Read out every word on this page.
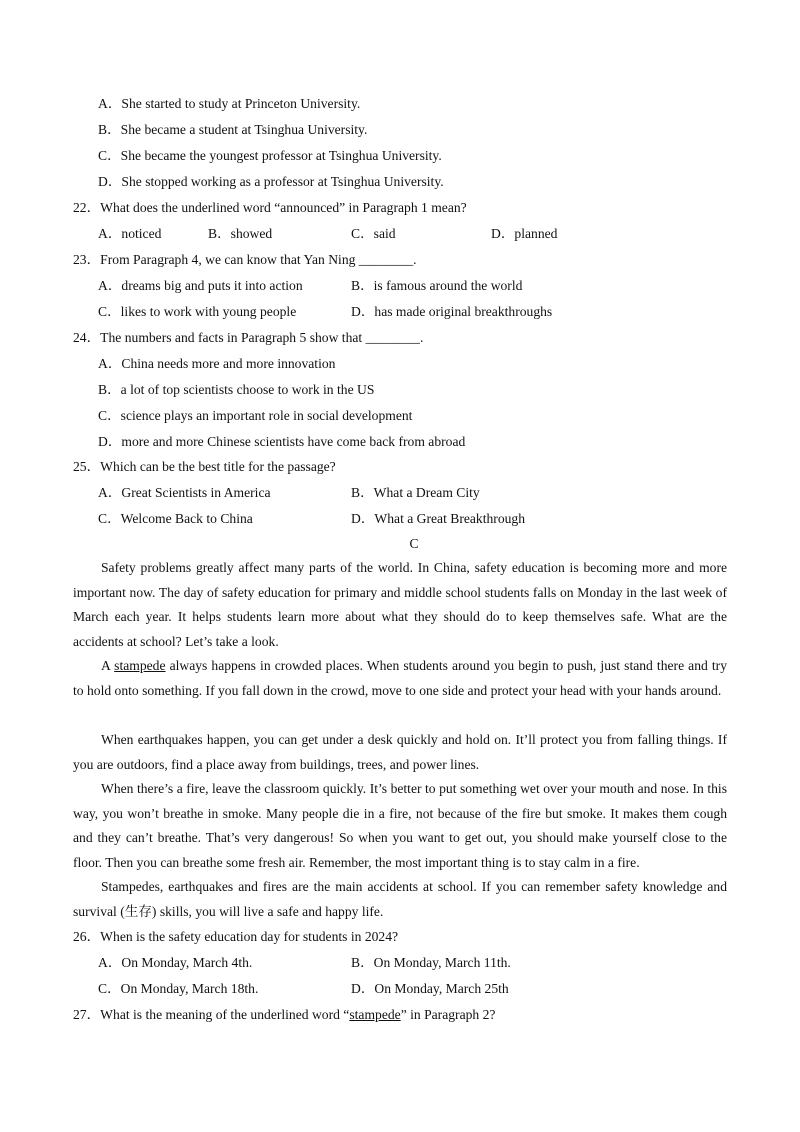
A．She started to study at Princeton University.
B．She became a student at Tsinghua University.
C．She became the youngest professor at Tsinghua University.
D．She stopped working as a professor at Tsinghua University.
22．What does the underlined word “announced” in Paragraph 1 mean?
A．noticed	B．showed	C．said	D．planned
23．From Paragraph 4, we can know that Yan Ning ________.
A．dreams big and puts it into action	B．is famous around the world
C．likes to work with young people	D．has made original breakthroughs
24．The numbers and facts in Paragraph 5 show that ________.
A．China needs more and more innovation
B．a lot of top scientists choose to work in the US
C．science plays an important role in social development
D．more and more Chinese scientists have come back from abroad
25．Which can be the best title for the passage?
A．Great Scientists in America	B．What a Dream City
C．Welcome Back to China	D．What a Great Breakthrough
C
Safety problems greatly affect many parts of the world. In China, safety education is becoming more and more important now. The day of safety education for primary and middle school students falls on Monday in the last week of March each year. It helps students learn more about what they should do to keep themselves safe. What are the accidents at school? Let’s take a look.
A stampede always happens in crowded places. When students around you begin to push, just stand there and try to hold onto something. If you fall down in the crowd, move to one side and protect your head with your hands around.
When earthquakes happen, you can get under a desk quickly and hold on. It’ll protect you from falling things. If you are outdoors, find a place away from buildings, trees, and power lines.
When there’s a fire, leave the classroom quickly. It’s better to put something wet over your mouth and nose. In this way, you won’t breathe in smoke. Many people die in a fire, not because of the fire but smoke. It makes them cough and they can’t breathe. That’s very dangerous! So when you want to get out, you should make yourself close to the floor. Then you can breathe some fresh air. Remember, the most important thing is to stay calm in a fire.
Stampedes, earthquakes and fires are the main accidents at school. If you can remember safety knowledge and survival (生存) skills, you will live a safe and happy life.
26．When is the safety education day for students in 2024?
A．On Monday, March 4th.	B．On Monday, March 11th.
C．On Monday, March 18th.	D．On Monday, March 25th
27．What is the meaning of the underlined word “stampede” in Paragraph 2?
